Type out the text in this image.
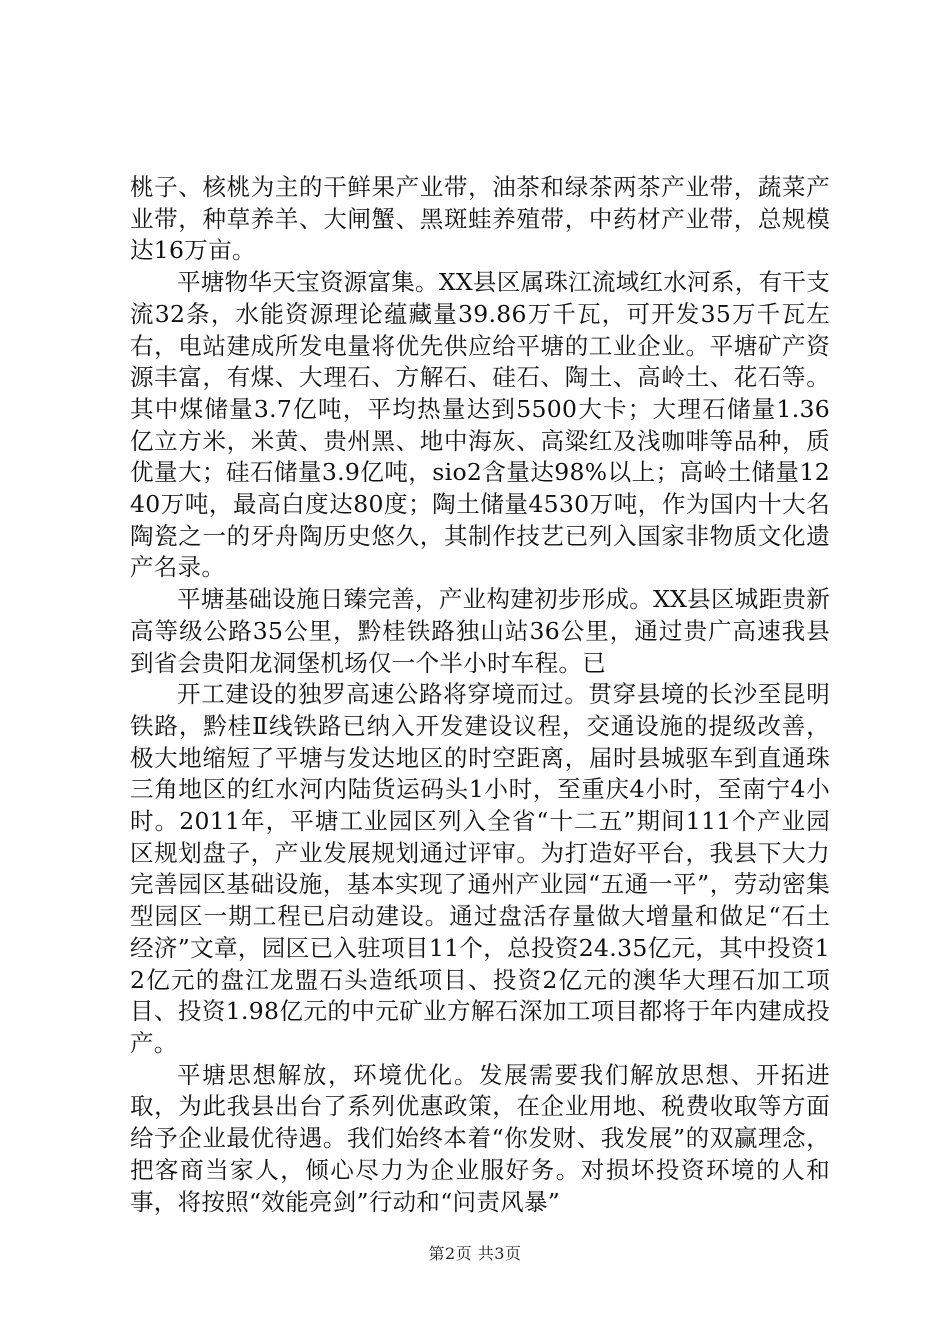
桃子、核桃为主的干鲜果产业带，油茶和绿茶两茶产业带，蔬菜产业带，种草养羊、大闸蟹、黑斑蛙养殖带，中药材产业带，总规模达16万亩。

平塘物华天宝资源富集。XX县区属珠江流域红水河系，有干支流32条，水能资源理论蕴藏量39.86万千瓦，可开发35万千瓦左右，电站建成所发电量将优先供应给平塘的工业企业。平塘矿产资源丰富，有煤、大理石、方解石、硅石、陶土、高岭土、花石等。其中煤储量3.7亿吨，平均热量达到5500大卡；大理石储量1.36亿立方米，米黄、贵州黑、地中海灰、高粱红及浅咖啡等品种，质优量大；硅石储量3.9亿吨，sio2含量达98%以上；高岭土储量1240万吨，最高白度达80度；陶土储量4530万吨，作为国内十大名陶瓷之一的牙舟陶历史悠久，其制作技艺已列入国家非物质文化遗产名录。

平塘基础设施日臻完善，产业构建初步形成。XX县区城距贵新高等级公路35公里，黔桂铁路独山站36公里，通过贵广高速我县到省会贵阳龙洞堡机场仅一个半小时车程。已

开工建设的独罗高速公路将穿境而过。贯穿县境的长沙至昆明铁路，黔桂Ⅱ线铁路已纳入开发建设议程，交通设施的提级改善，极大地缩短了平塘与发达地区的时空距离，届时县城驱车到直通珠三角地区的红水河内陆货运码头1小时，至重庆4小时，至南宁4小时。2011年，平塘工业园区列入全省“十二五”期间111个产业园区规划盘子，产业发展规划通过评审。为打造好平台，我县下大力完善园区基础设施，基本实现了通州产业园“五通一平”，劳动密集型园区一期工程已启动建设。通过盘活存量做大增量和做足“石土经济”文章，园区已入驻项目11个，总投资24.35亿元，其中投资12亿元的盘江龙盟石头造纸项目、投资2亿元的澳华大理石加工项目、投资1.98亿元的中元矿业方解石深加工项目都将于年内建成投产。

平塘思想解放，环境优化。发展需要我们解放思想、开拓进取，为此我县出台了系列优惠政策，在企业用地、税费收取等方面给予企业最优待遇。我们始终本着“你发财、我发展”的双赢理念，把客商当家人，倾心尽力为企业服好务。对损坏投资环境的人和事，将按照“效能亮剑”行动和“问责风暴”

第2页 共3页
